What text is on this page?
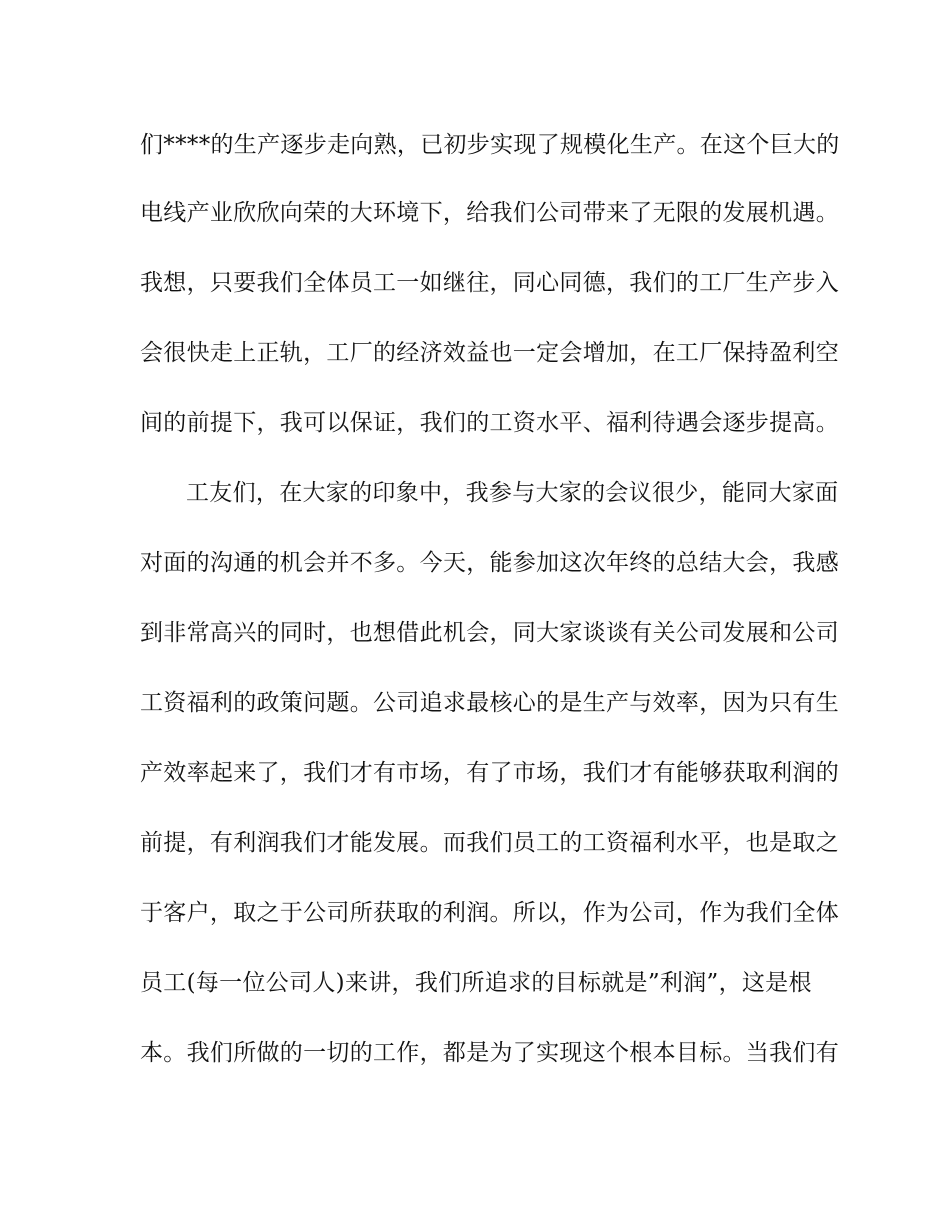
们****的生产逐步走向熟，已初步实现了规模化生产。在这个巨大的
电线产业欣欣向荣的大环境下，给我们公司带来了无限的发展机遇。
我想，只要我们全体员工一如继往，同心同德，我们的工厂生产步入
会很快走上正轨，工厂的经济效益也一定会增加，在工厂保持盈利空
间的前提下，我可以保证，我们的工资水平、福利待遇会逐步提高。
工友们，在大家的印象中，我参与大家的会议很少，能同大家面
对面的沟通的机会并不多。今天，能参加这次年终的总结大会，我感
到非常高兴的同时，也想借此机会，同大家谈谈有关公司发展和公司
工资福利的政策问题。公司追求最核心的是生产与效率，因为只有生
产效率起来了，我们才有市场，有了市场，我们才有能够获取利润的
前提，有利润我们才能发展。而我们员工的工资福利水平，也是取之
于客户，取之于公司所获取的利润。所以，作为公司，作为我们全体
员工(每一位公司人)来讲，我们所追求的目标就是”利润”，这是根
本。我们所做的一切的工作，都是为了实现这个根本目标。当我们有
